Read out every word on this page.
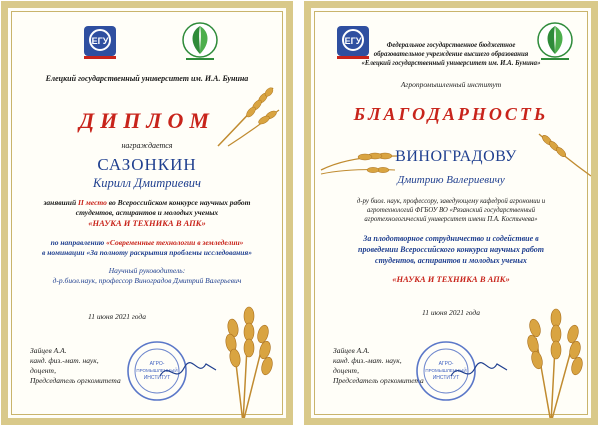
ЕГУ
Елецкий государственный университет им. И.А. Бунина
ДИПЛОМ
награждается
САЗОНКИН
Кирилл Дмитриевич
занявший II место во Всероссийском конкурсе научных работ
студентов, аспирантов и молодых ученых
«НАУКА И ТЕХНИКА В АПК»
по направлению «Современные технологии в земледелии»
в номинации «За полноту раскрытия проблемы исследования»
Научный руководитель:
д-р.биол.наук, профессор Виноградов Дмитрий Валерьевич
11 июня 2021 года
Зайцев А.А.
канд. физ.-мат. наук,
доцент,
Председатель оргкомитета
АГРО-
ПРОМЫШЛЕННЫЙ
ИНСТИТУТ
ЕГУ	Федеральное государственное бюджетное
образовательное учреждение высшего образования
«Елецкий государственный университет им. И.А. Бунина»
Агропромышленный институт
БЛАГОДАРНОСТЬ
ВИНОГРАДОВУ
Дмитрию Валериевичу
д-ру биол. наук, профессору, заведующему кафедрой агрономии и
агротехнологий ФГБОУ ВО «Рязанский государственный
агротехнологический университет имени П.А. Костычева»
За плодотворное сотрудничество и содействие в
проведении Всероссийского конкурса научных работ
студентов, аспирантов и молодых ученых
«НАУКА И ТЕХНИКА В АПК»
11 июня 2021 года
Зайцев А.А.
канд. физ.-мат. наук,
доцент,
Председатель оргкомитета
АГРО-
ПРОМЫШЛЕННЫЙ
ИНСТИТУТ
